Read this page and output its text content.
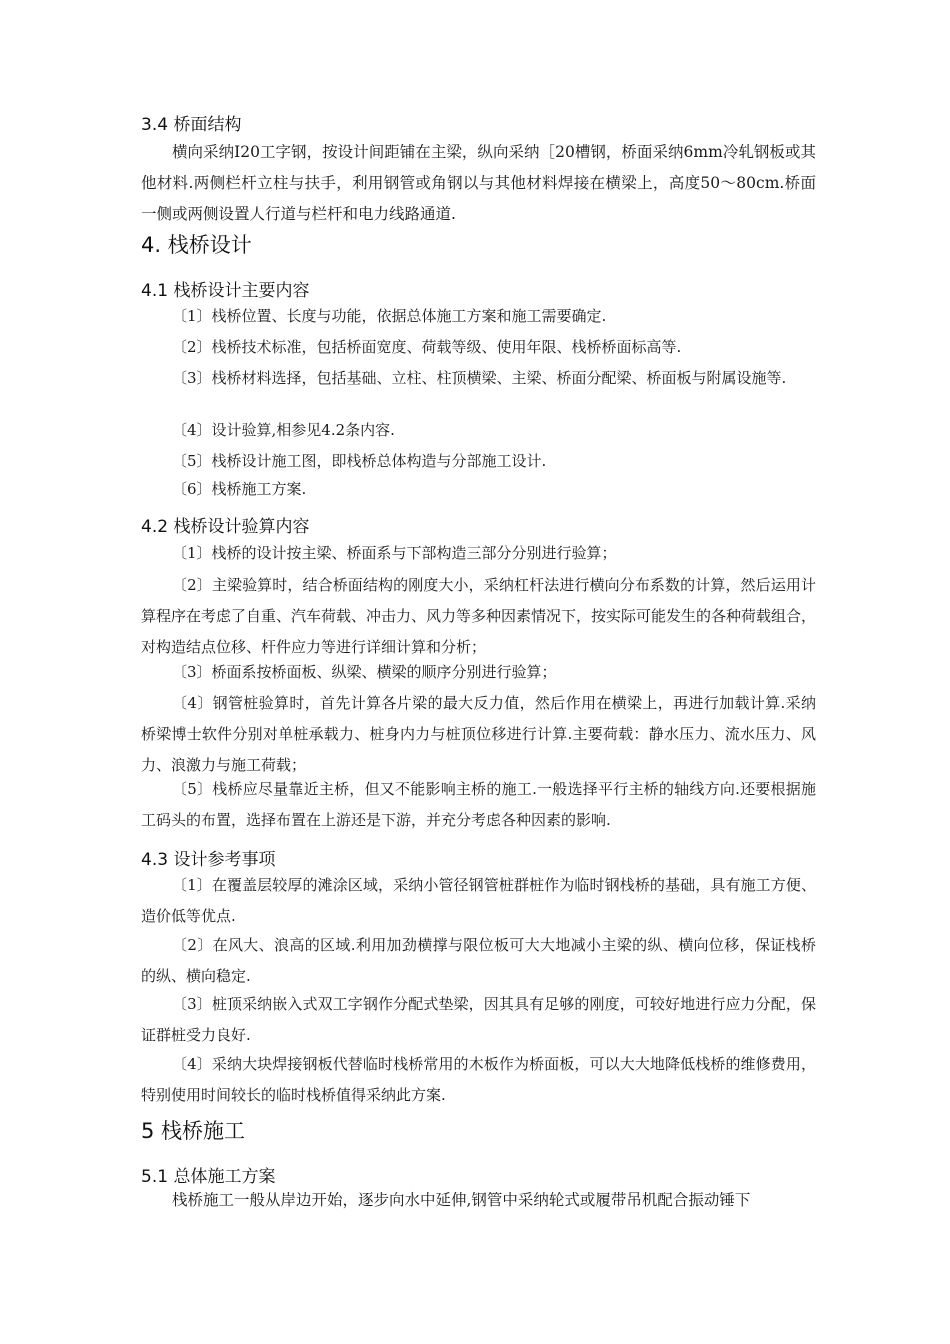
3.4 桥面结构

横向采纳I20工字钢，按设计间距铺在主梁，纵向采纳［20槽钢，桥面采纳6mm冷轧钢板或其他材料.两侧栏杆立柱与扶手，利用钢管或角钢以与其他材料焊接在横梁上，高度50～80cm.桥面一侧或两侧设置人行道与栏杆和电力线路通道.

4. 栈桥设计
4.1 栈桥设计主要内容

〔1〕栈桥位置、长度与功能，依据总体施工方案和施工需要确定.

〔2〕栈桥技术标准，包括桥面宽度、荷载等级、使用年限、栈桥桥面标高等.

〔3〕栈桥材料选择，包括基础、立柱、柱顶横梁、主梁、桥面分配梁、桥面板与附属设施等.

〔4〕设计验算,相参见4.2条内容.

〔5〕栈桥设计施工图，即栈桥总体构造与分部施工设计.

〔6〕栈桥施工方案.

4.2 栈桥设计验算内容

〔1〕栈桥的设计按主梁、桥面系与下部构造三部分分别进行验算；

〔2〕主梁验算时，结合桥面结构的刚度大小，采纳杠杆法进行横向分布系数的计算，然后运用计算程序在考虑了自重、汽车荷载、冲击力、风力等多种因素情况下，按实际可能发生的各种荷载组合，对构造结点位移、杆件应力等进行详细计算和分析；

〔3〕桥面系按桥面板、纵梁、横梁的顺序分别进行验算；

〔4〕钢管桩验算时，首先计算各片梁的最大反力值，然后作用在横梁上，再进行加载计算.采纳桥梁博士软件分别对单桩承载力、桩身内力与桩顶位移进行计算.主要荷载：静水压力、流水压力、风力、浪激力与施工荷载；

〔5〕栈桥应尽量靠近主桥，但又不能影响主桥的施工.一般选择平行主桥的轴线方向.还要根据施工码头的布置，选择布置在上游还是下游，并充分考虑各种因素的影响.

4.3 设计参考事项

〔1〕在覆盖层较厚的滩涂区域，采纳小管径钢管桩群桩作为临时钢栈桥的基础，具有施工方便、造价低等优点.

〔2〕在风大、浪高的区域.利用加劲横撑与限位板可大大地减小主梁的纵、横向位移，保证栈桥的纵、横向稳定.

〔3〕桩顶采纳嵌入式双工字钢作分配式垫梁，因其具有足够的刚度，可较好地进行应力分配，保证群桩受力良好.

〔4〕采纳大块焊接钢板代替临时栈桥常用的木板作为桥面板，可以大大地降低栈桥的维修费用，特别使用时间较长的临时栈桥值得采纳此方案.

5 栈桥施工
5.1 总体施工方案

栈桥施工一般从岸边开始，逐步向水中延伸,钢管中采纳轮式或履带吊机配合振动锤下
